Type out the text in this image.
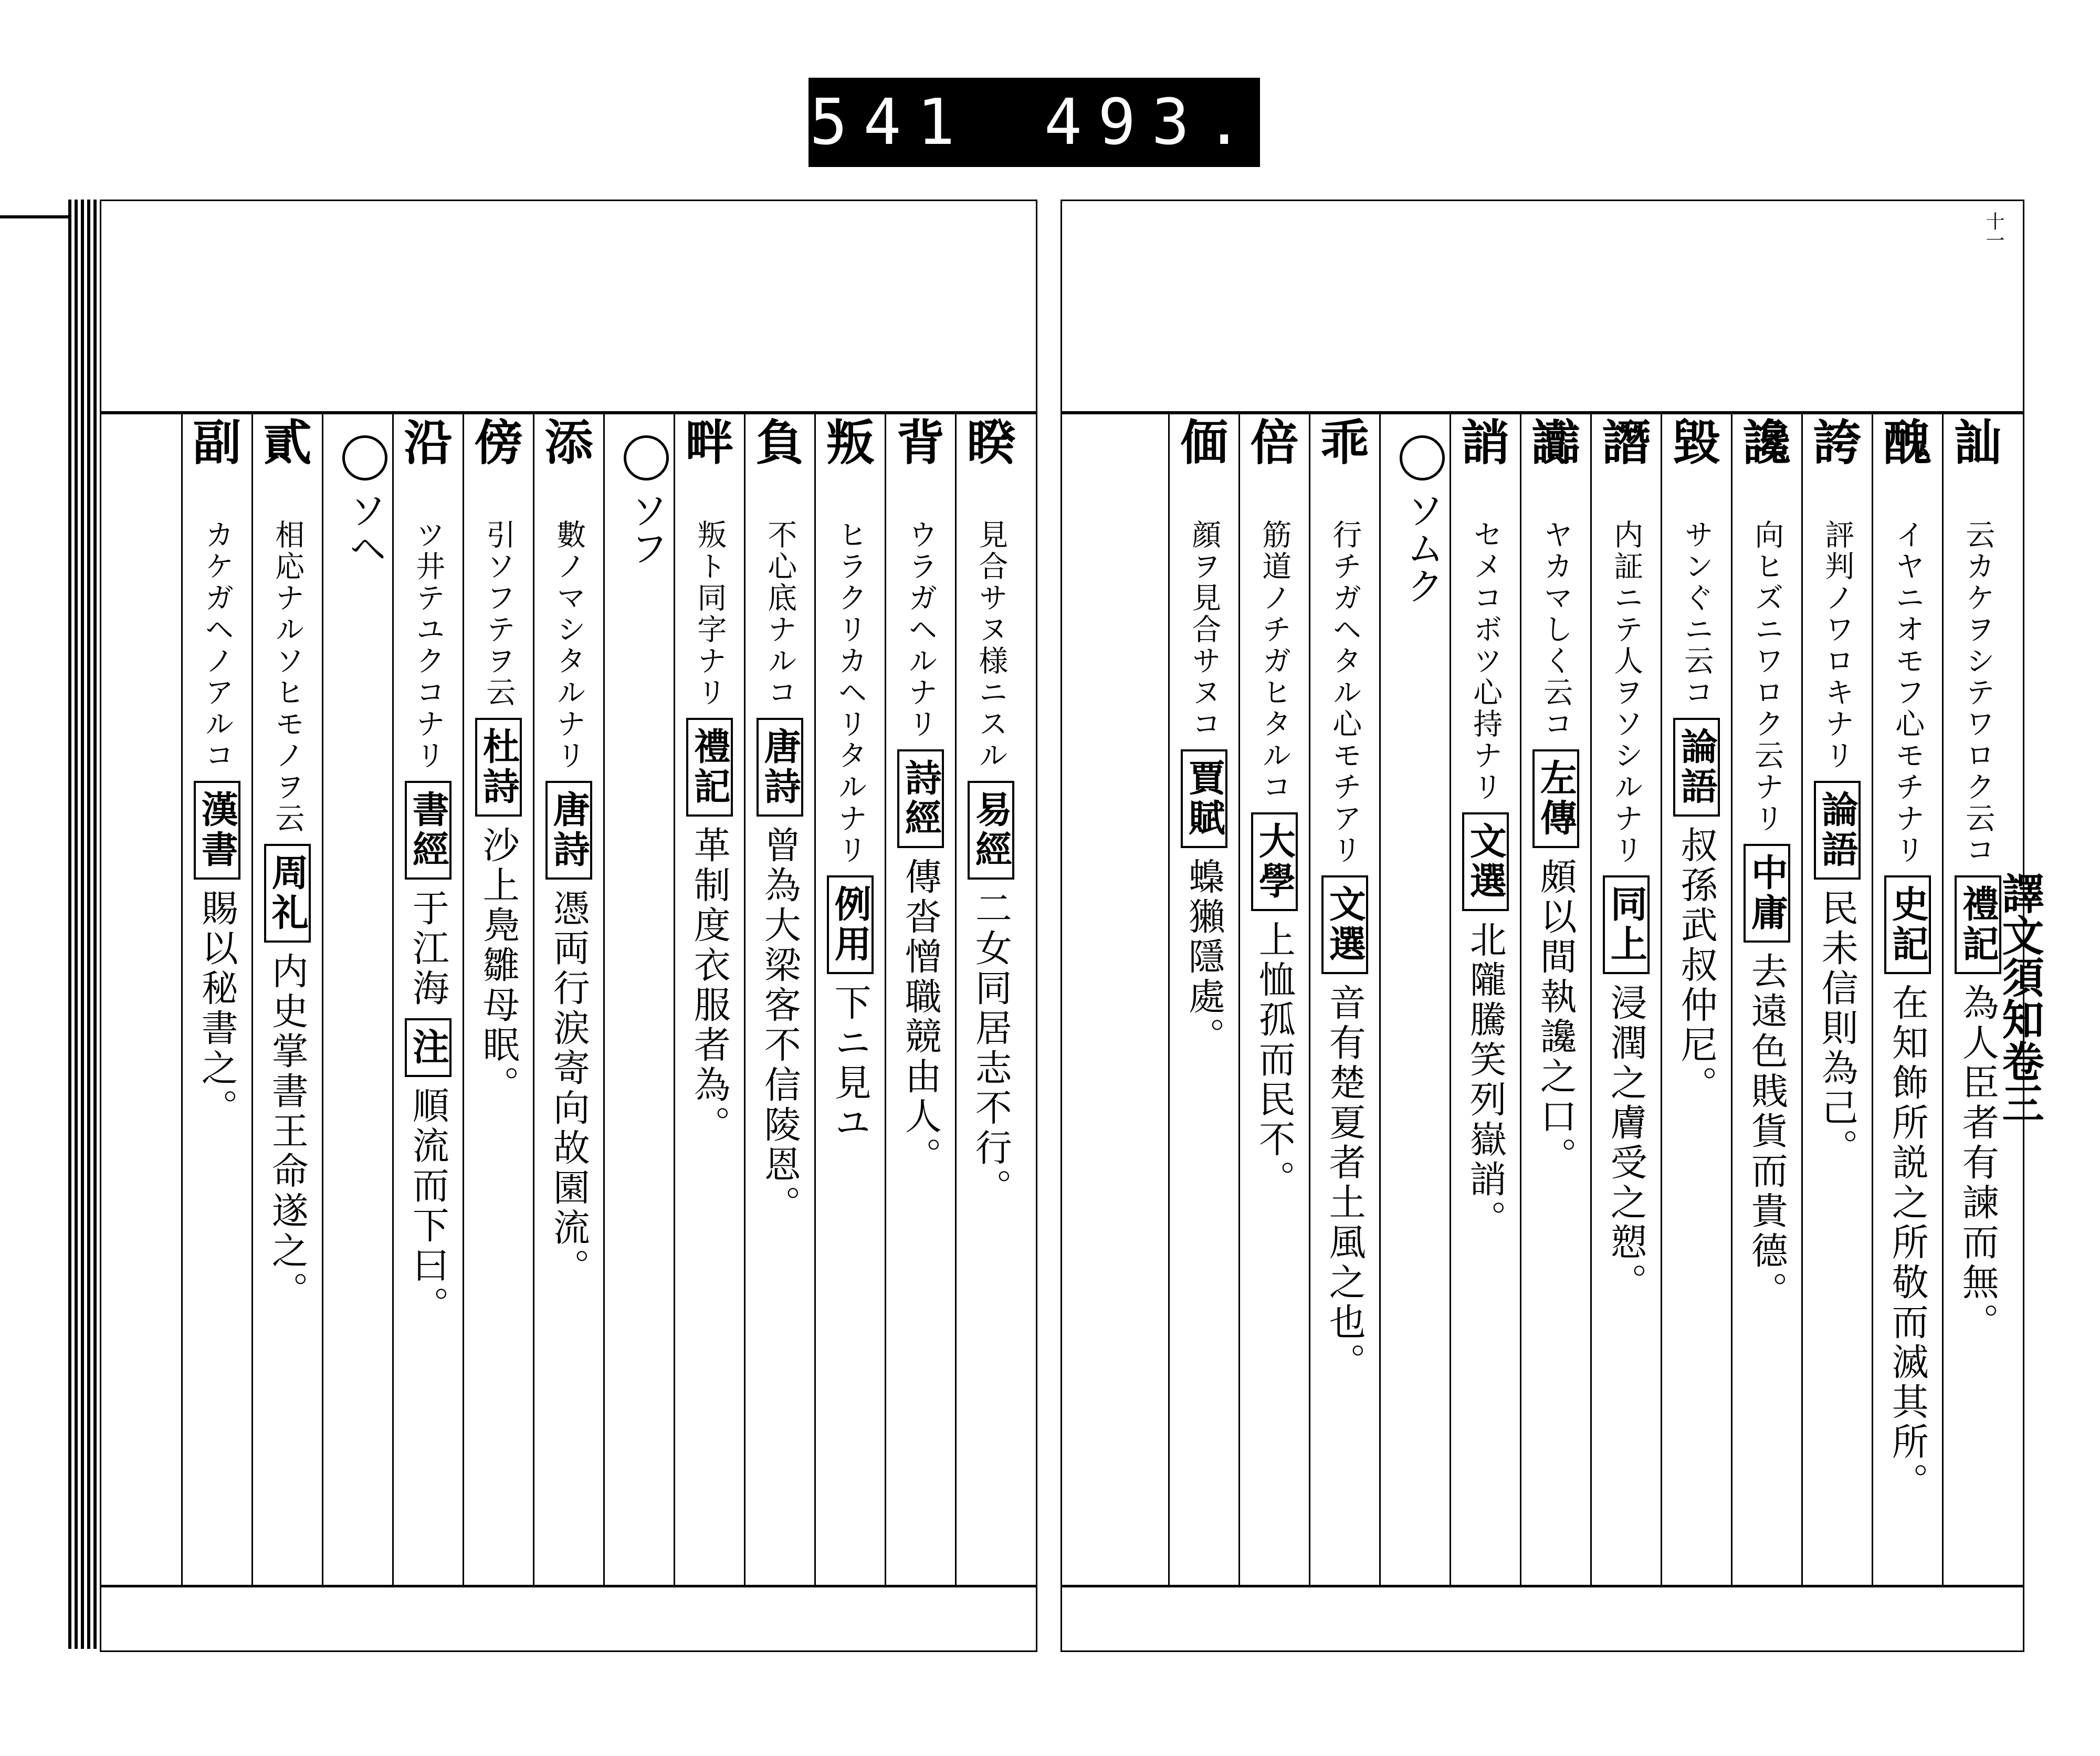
541 493.
睽
見合サヌ様ニスル易經二女同居志不行。
背
ウラガヘルナリ詩經傳沓憎職競由人。
叛
ヒラクリカヘリタルナリ例用下ニ見ユ
負
不心底ナルコ唐詩曾為大梁客不信陵恩。
畔
叛ト同字ナリ禮記革制度衣服者為。
ソフ
添
數ノマシタルナリ唐詩憑両行涙寄向故園流。
傍
引ソフテヲ云杜詩沙上鳧雛母眠。
沿
ツ井テユクコナリ書經于江海注順流而下曰。
ソヘ
貳
相応ナルソヒモノヲ云周礼内史掌書王命遂之。
副
カケガヘノアルコ漢書賜以秘書之。
訕
云カケヲシテワロク云コ禮記為人臣者有諫而無。
醜
イヤニオモフ心モチナリ史記在知飾所説之所敬而滅其所。
誇
評判ノワロキナリ論語民未信則為己。
讒
向ヒズニワロク云ナリ中庸去遠色賎貨而貴德。
毀
サンぐニ云コ論語叔孫武叔仲尼。
譖
内証ニテ人ヲソシルナリ同上浸潤之膚受之愬。
讟
ヤカマしく云コ左傳頗以間執讒之口。
誚
セメコボツ心持ナリ文選北隴騰笑列嶽誚。
ソムク
乖
行チガヘタル心モチアリ文選音有楚夏者土風之也。
倍
筋道ノチガヒタルコ大學上恤孤而民不。
偭
顔ヲ見合サヌコ賈賦蟂獺隱處。
十一
譯文須知卷三
